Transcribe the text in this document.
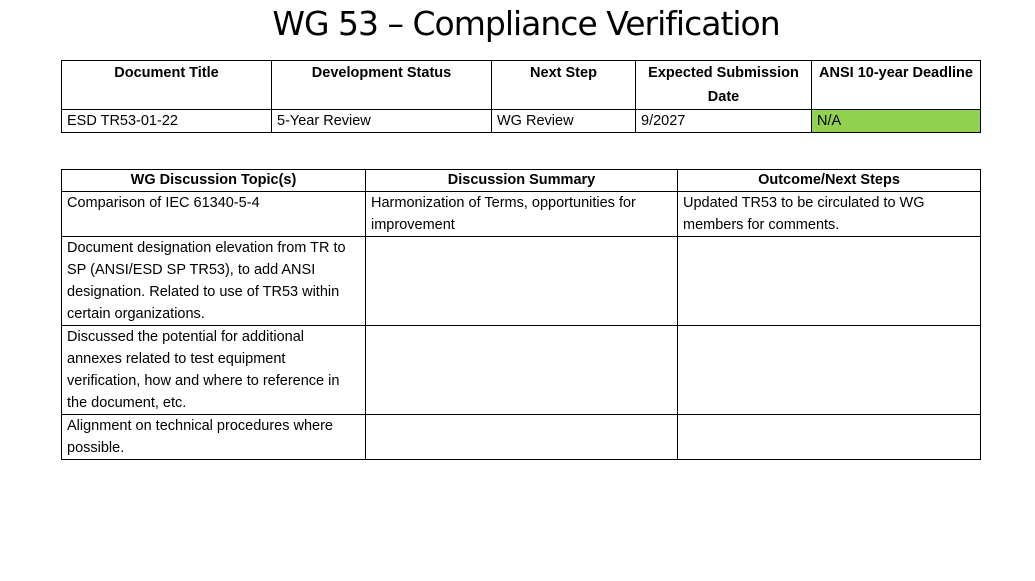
WG 53 – Compliance Verification
Document Title	Development Status	Next Step	Expected Submission Date	ANSI 10-year Deadline
ESD TR53-01-22	5-Year Review	WG Review	9/2027	N/A
WG Discussion Topic(s)	Discussion Summary	Outcome/Next Steps
Comparison of IEC 61340-5-4	Harmonization of Terms, opportunities for improvement	Updated TR53 to be circulated to WG members for comments.
Document designation elevation from TR to SP (ANSI/ESD SP TR53), to add ANSI designation. Related to use of TR53 within certain organizations.		
Discussed the potential for additional annexes related to test equipment verification, how and where to reference in the document, etc.		
Alignment on technical procedures where possible.		
